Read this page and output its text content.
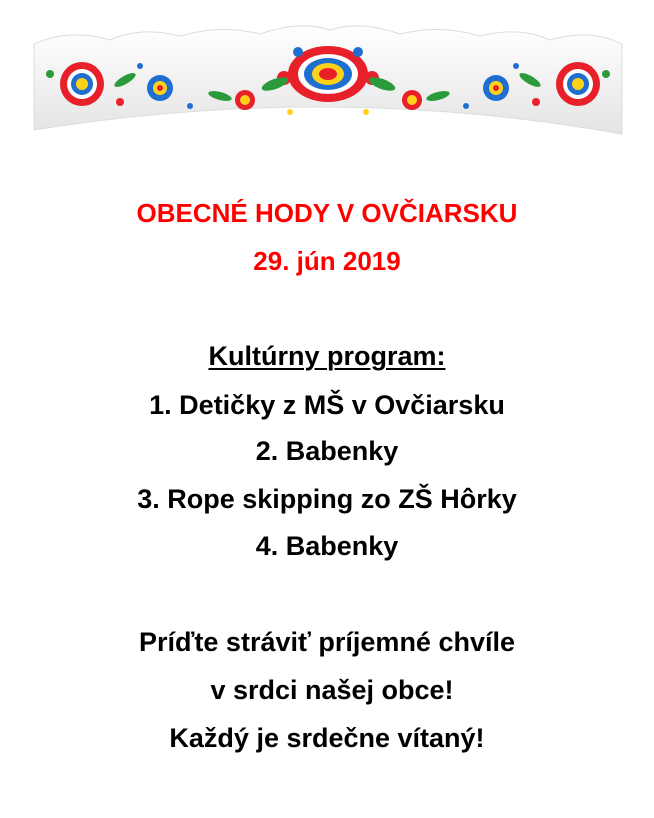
OBECNÉ HODY V OVČIARSKU
29. jún 2019
Kultúrny program:
1. Detičky z MŠ v Ovčiarsku
2. Babenky
3. Rope skipping zo ZŠ Hôrky
4. Babenky
Príďte stráviť príjemné chvíle
v srdci našej obce!
Každý je srdečne vítaný!
